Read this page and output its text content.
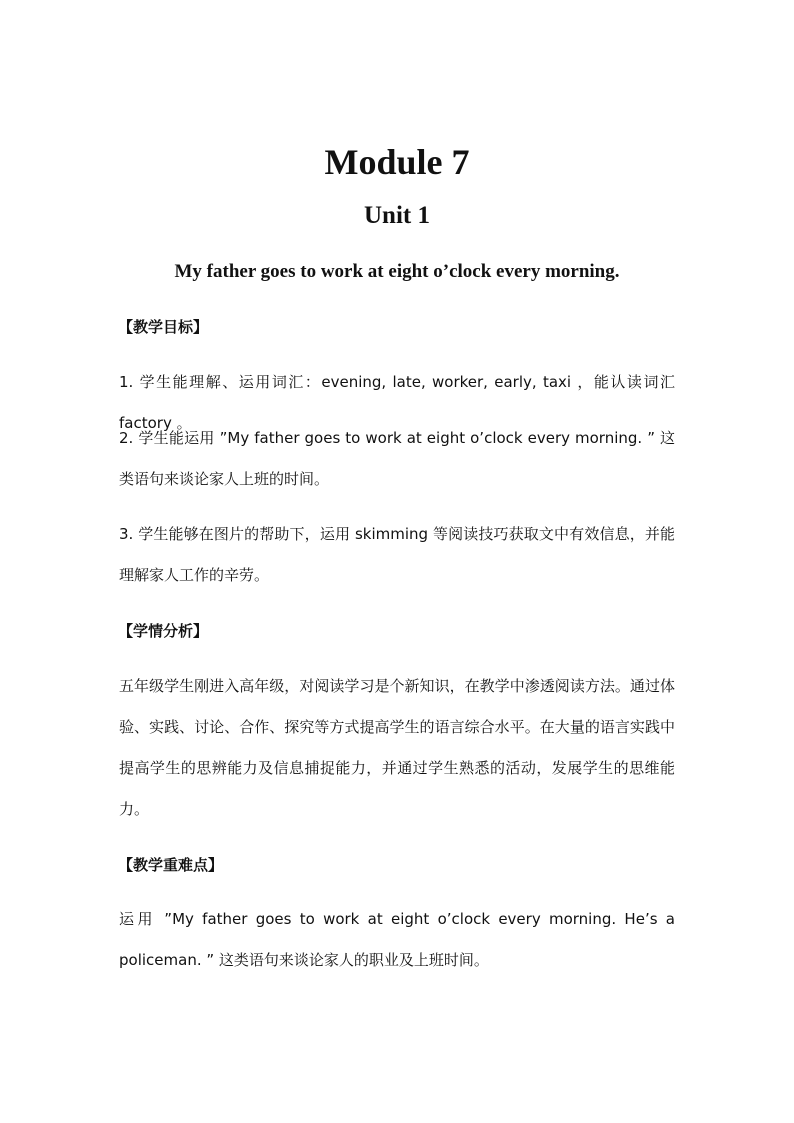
Module 7
Unit 1
My father goes to work at eight o’clock every morning.
【教学目标】

1. 学生能理解、运用词汇：evening, late, worker, early, taxi ，能认读词汇 factory 。

2. 学生能运用 ”My father goes to work at eight o’clock every morning. ” 这类语句来谈论家人上班的时间。

3. 学生能够在图片的帮助下，运用 skimming 等阅读技巧获取文中有效信息，并能理解家人工作的辛劳。

【学情分析】

五年级学生刚进入高年级，对阅读学习是个新知识，在教学中渗透阅读方法。通过体验、实践、讨论、合作、探究等方式提高学生的语言综合水平。在大量的语言实践中提高学生的思辨能力及信息捕捉能力，并通过学生熟悉的活动，发展学生的思维能力。

【教学重难点】

运用 ”My father goes to work at eight o’clock every morning. He’s a policeman. ” 这类语句来谈论家人的职业及上班时间。
